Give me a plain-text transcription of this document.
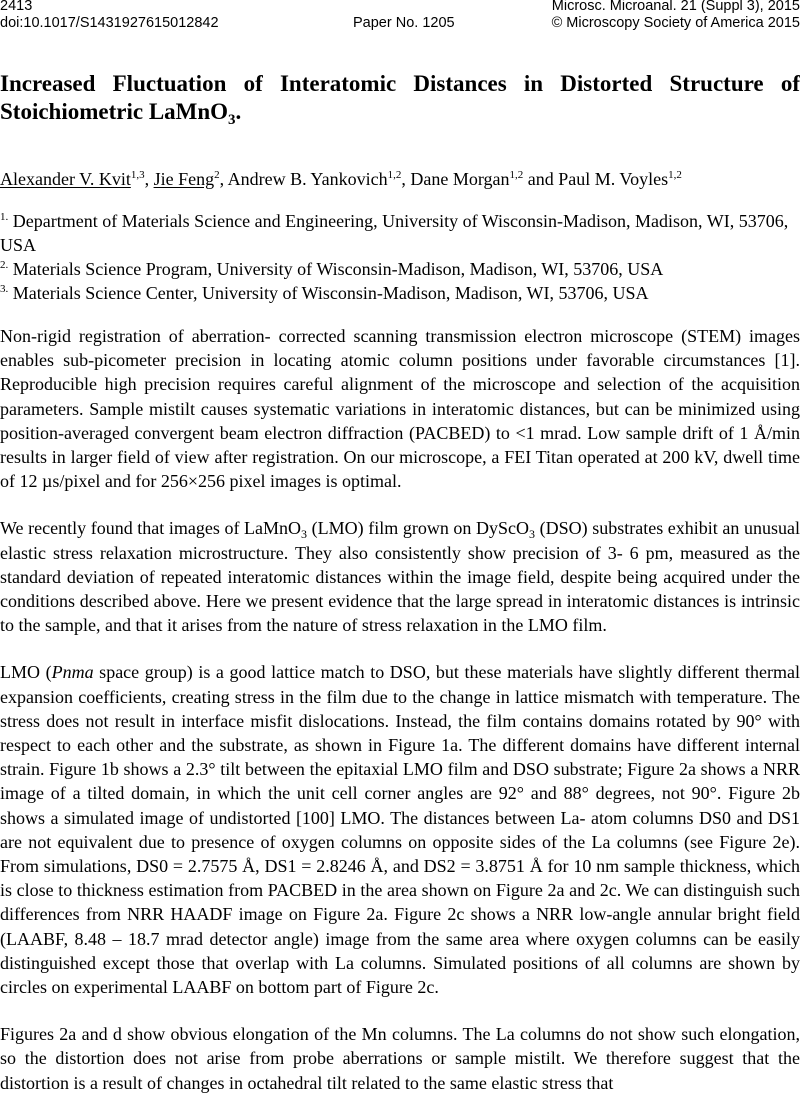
2413
doi:10.1017/S1431927615012842	Paper No. 1205
Microsc. Microanal. 21 (Suppl 3), 2015
© Microscopy Society of America 2015
Increased Fluctuation of Interatomic Distances in Distorted Structure of
Stoichiometric LaMnO$_3$.
Alexander V. Kvit$^{1,3}$, Jie Feng$^2$, Andrew B. Yankovich$^{1,2}$, Dane Morgan$^{1,2}$ and Paul M. Voyles$^{1,2}$

$^{1.}$ Department of Materials Science and Engineering, University of Wisconsin-Madison, Madison, WI, 53706, USA

$^{2.}$ Materials Science Program, University of Wisconsin-Madison, Madison, WI, 53706, USA

$^{3.}$ Materials Science Center, University of Wisconsin-Madison, Madison, WI, 53706, USA

Non-rigid registration of aberration- corrected scanning transmission electron microscope (STEM) images enables sub-picometer precision in locating atomic column positions under favorable circumstances [1]. Reproducible high precision requires careful alignment of the microscope and selection of the acquisition parameters. Sample mistilt causes systematic variations in interatomic distances, but can be minimized using position-averaged convergent beam electron diffraction (PACBED) to <1 mrad. Low sample drift of 1 Å/min results in larger field of view after registration. On our microscope, a FEI Titan operated at 200 kV, dwell time of 12 µs/pixel and for 256×256 pixel images is optimal.

We recently found that images of LaMnO$_3$ (LMO) film grown on DyScO$_3$ (DSO) substrates exhibit an unusual elastic stress relaxation microstructure. They also consistently show precision of 3- 6 pm, measured as the standard deviation of repeated interatomic distances within the image field, despite being acquired under the conditions described above. Here we present evidence that the large spread in interatomic distances is intrinsic to the sample, and that it arises from the nature of stress relaxation in the LMO film.

LMO (Pnma space group) is a good lattice match to DSO, but these materials have slightly different thermal expansion coefficients, creating stress in the film due to the change in lattice mismatch with temperature. The stress does not result in interface misfit dislocations. Instead, the film contains domains rotated by 90° with respect to each other and the substrate, as shown in Figure 1a. The different domains have different internal strain. Figure 1b shows a 2.3° tilt between the epitaxial LMO film and DSO substrate; Figure 2a shows a NRR image of a tilted domain, in which the unit cell corner angles are 92° and 88° degrees, not 90°. Figure 2b shows a simulated image of undistorted [100] LMO. The distances between La- atom columns DS0 and DS1 are not equivalent due to presence of oxygen columns on opposite sides of the La columns (see Figure 2e). From simulations, DS0 = 2.7575 Å, DS1 = 2.8246 Å, and DS2 = 3.8751 Å for 10 nm sample thickness, which is close to thickness estimation from PACBED in the area shown on Figure 2a and 2c. We can distinguish such differences from NRR HAADF image on Figure 2a. Figure 2c shows a NRR low-angle annular bright field (LAABF, 8.48 – 18.7 mrad detector angle) image from the same area where oxygen columns can be easily distinguished except those that overlap with La columns. Simulated positions of all columns are shown by circles on experimental LAABF on bottom part of Figure 2c.

Figures 2a and d show obvious elongation of the Mn columns. The La columns do not show such elongation, so the distortion does not arise from probe aberrations or sample mistilt. We therefore suggest that the distortion is a result of changes in octahedral tilt related to the same elastic stress that
